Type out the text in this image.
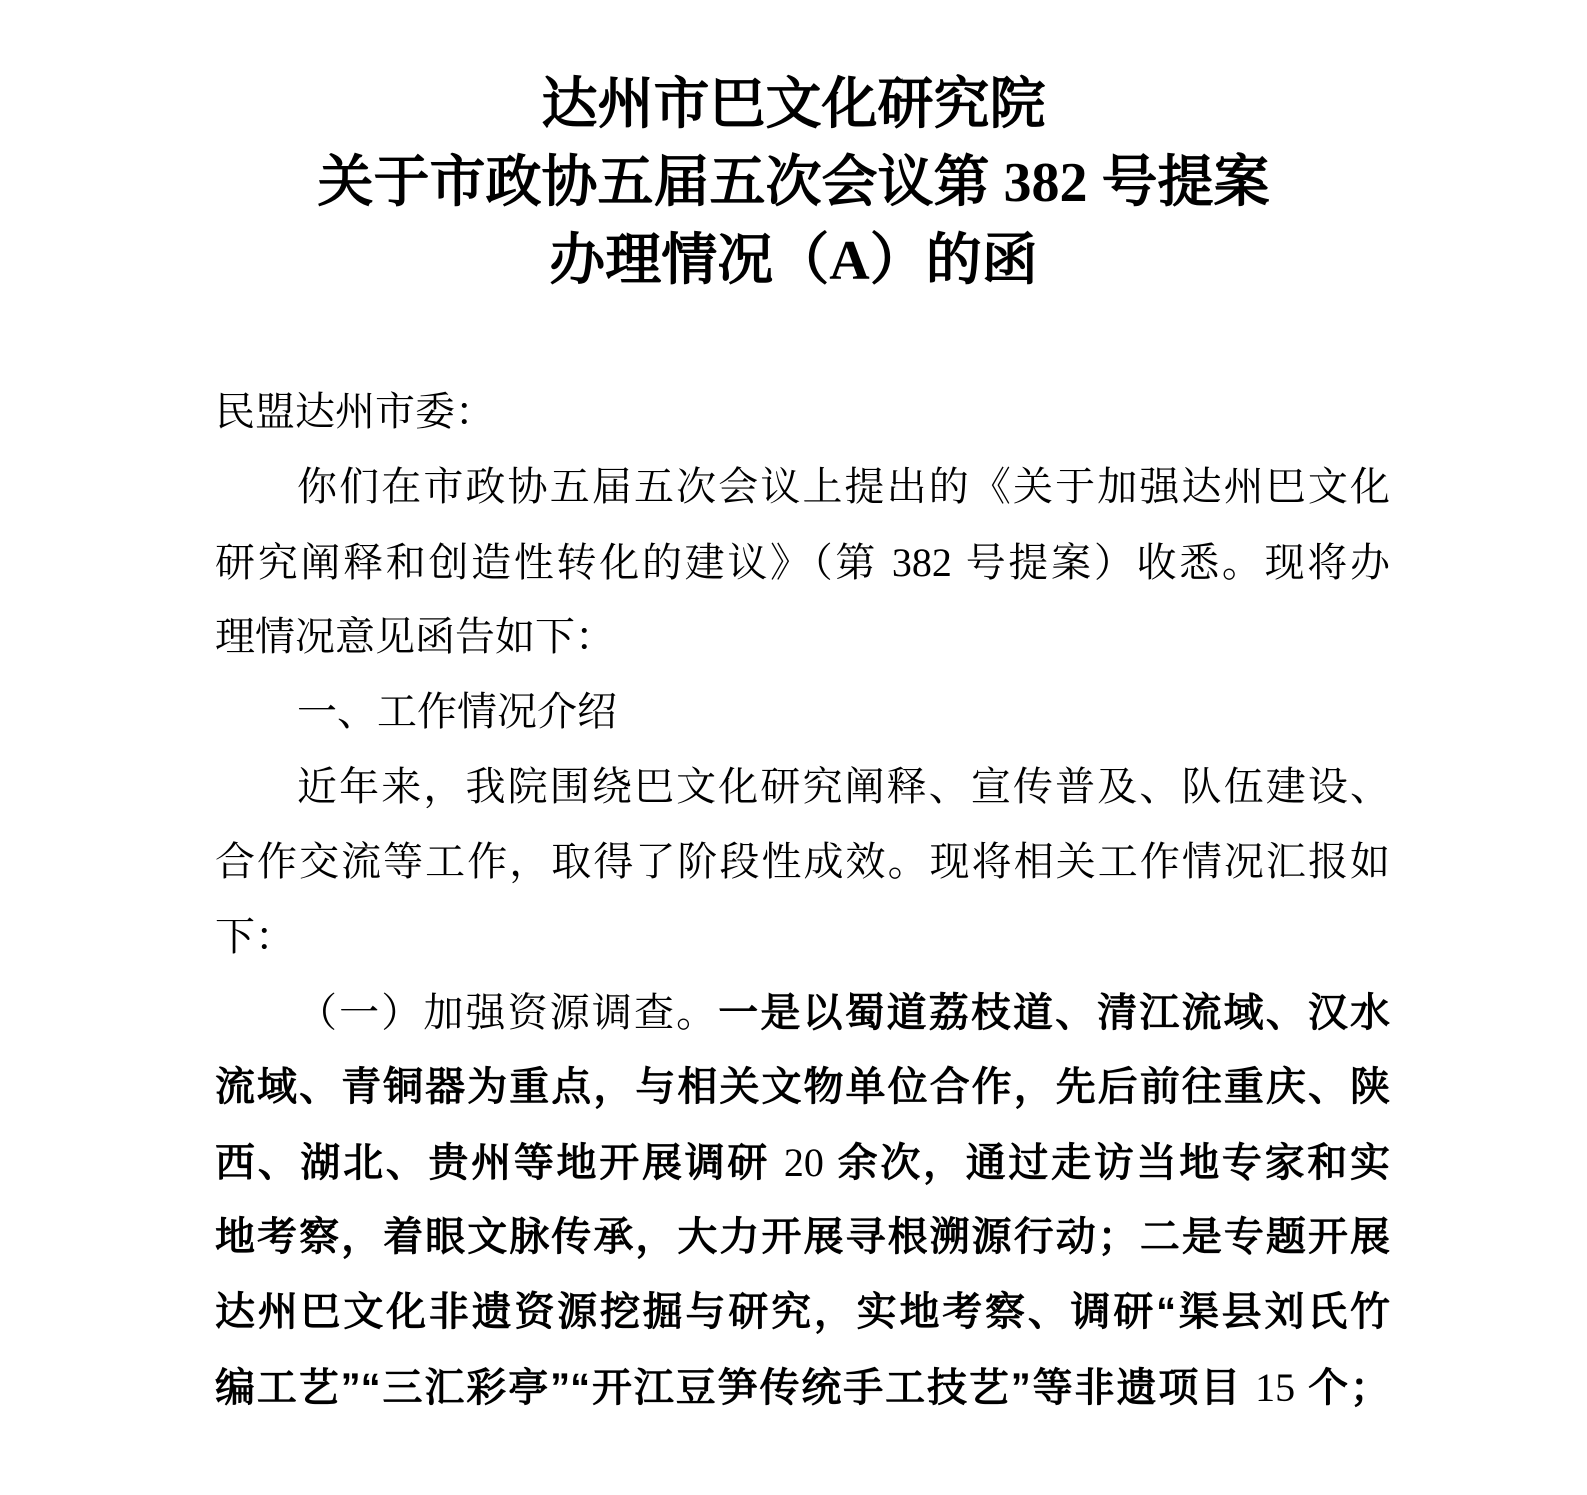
达州市巴文化研究院
关于市政协五届五次会议第 382 号提案
办理情况（A）的函
民盟达州市委：
你们在市政协五届五次会议上提出的《关于加强达州巴文化
研究阐释和创造性转化的建议》（第 382 号提案）收悉。现将办
理情况意见函告如下：
一、工作情况介绍
近年来，我院围绕巴文化研究阐释、宣传普及、队伍建设、
合作交流等工作，取得了阶段性成效。现将相关工作情况汇报如
下：
（一）加强资源调查。一是以蜀道荔枝道、清江流域、汉水
流域、青铜器为重点，与相关文物单位合作，先后前往重庆、陕
西、湖北、贵州等地开展调研 20 余次，通过走访当地专家和实
地考察，着眼文脉传承，大力开展寻根溯源行动；二是专题开展
达州巴文化非遗资源挖掘与研究，实地考察、调研“渠县刘氏竹
编工艺”“三汇彩亭”“开江豆笋传统手工技艺”等非遗项目 15 个；
